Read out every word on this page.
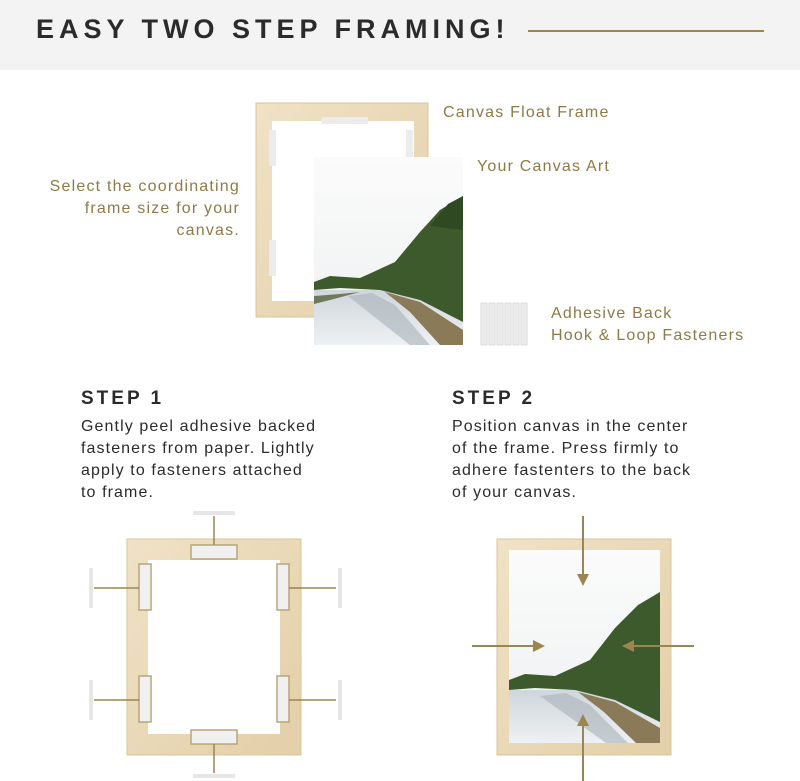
EASY TWO STEP FRAMING!
Canvas Float Frame
Your Canvas Art
Select the coordinating
frame size for your
canvas.
Adhesive Back
Hook & Loop Fasteners
STEP 1
Gently peel adhesive backed
fasteners from paper. Lightly
apply to fasteners attached
to frame.
STEP 2
Position canvas in the center
of the frame. Press firmly to
adhere fastenters to the back
of your canvas.
